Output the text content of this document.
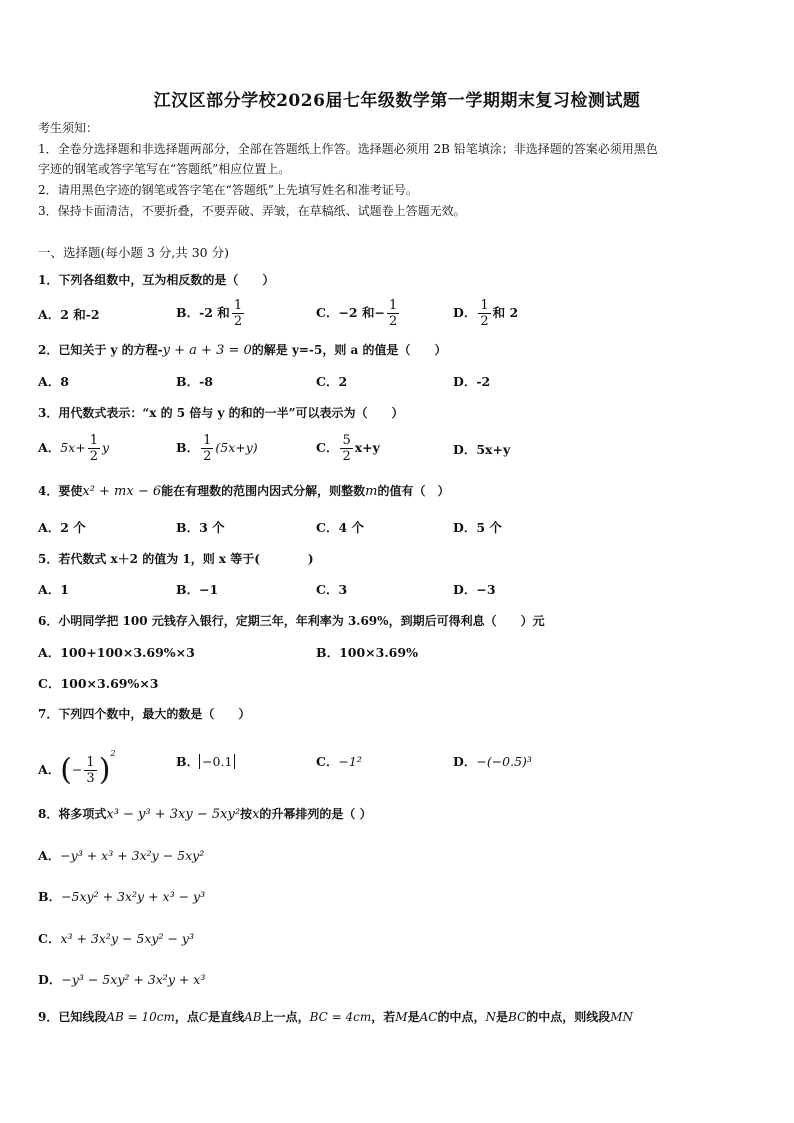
江汉区部分学校2026届七年级数学第一学期期末复习检测试题
考生须知：
1．全卷分选择题和非选择题两部分，全部在答题纸上作答。选择题必须用 2B 铅笔填涂；非选择题的答案必须用黑色
字迹的钢笔或答字笔写在“答题纸”相应位置上。
2．请用黑色字迹的钢笔或答字笔在“答题纸”上先填写姓名和准考证号。
3．保持卡面清洁，不要折叠，不要弄破、弄皱，在草稿纸、试题卷上答题无效。
一、选择题(每小题 3 分,共 30 分)
1．下列各组数中，互为相反数的是（　　）
A．2 和-2	B．-2 和 $\frac{1}{2}$	C．−2 和− $\frac{1}{2}$	D． $\frac{1}{2}$ 和 2
2．已知关于 y 的方程-y + a + 3 = 0的解是 y=-5，则 a 的值是（　　）
A．8	B．-8	C．2	D．-2
3．用代数式表示：“x 的 5 倍与 y 的和的一半”可以表示为（　　）
A．$5x+ \frac{1}{2}$ y	B． $\frac{1}{2} (5x+y)$	C． $\frac{5}{2} x+y$	D．5x+y
4．要使x² + mx − 6能在有理数的范围内因式分解，则整数m的值有（　）
A．2 个	B．3 个	C．4 个	D．5 个
5．若代数式 x＋2 的值为 1，则 x 等于(　　　　)
A．1	B．−1	C．3	D．−3
6．小明同学把 100 元钱存入银行，定期三年，年利率为 3.69%，到期后可得利息（　　）元
A．100+100×3.69%×3	B．100×3.69%
C．100×3.69%×3
7．下列四个数中，最大的数是（　　）
A．(− $\frac{1}{3} )^2$
B． −0.1	C．−1²	D．−(−0.5)³
8．将多项式x³ − y³ + 3xy − 5xy²按x的升幂排列的是（ ）
A．−y³ + x³ + 3x²y − 5xy²
B．−5xy² + 3x²y + x³ − y³
C．x³ + 3x²y − 5xy² − y³
D．−y³ − 5xy² + 3x²y + x³
9．已知线段AB = 10cm，点C是直线AB上一点，BC = 4cm，若M是AC的中点，N是BC的中点，则线段MN
